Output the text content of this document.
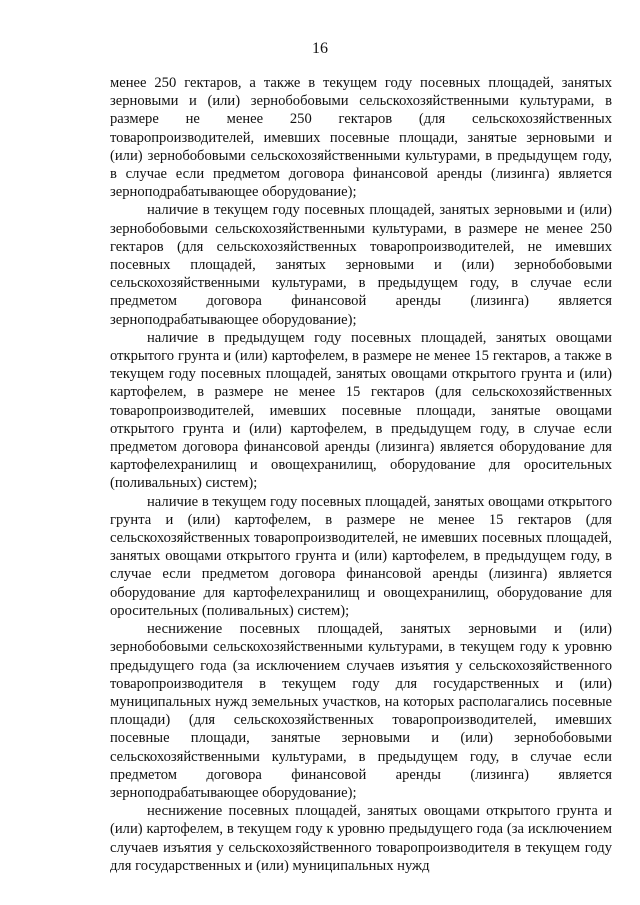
16

менее 250 гектаров, а также в текущем году посевных площадей, занятых зерновыми и (или) зернобобовыми сельскохозяйственными культурами, в размере не менее 250 гектаров (для сельскохозяйственных товаропроизводителей, имевших посевные площади, занятые зерновыми и (или) зернобобовыми сельскохозяйственными культурами, в предыдущем году, в случае если предметом договора финансовой аренды (лизинга) является зерноподрабатывающее оборудование);

наличие в текущем году посевных площадей, занятых зерновыми и (или) зернобобовыми сельскохозяйственными культурами, в размере не менее 250 гектаров (для сельскохозяйственных товаропроизводителей, не имевших посевных площадей, занятых зерновыми и (или) зернобобовыми сельскохозяйственными культурами, в предыдущем году, в случае если предметом договора финансовой аренды (лизинга) является зерноподрабатывающее оборудование);

наличие в предыдущем году посевных площадей, занятых овощами открытого грунта и (или) картофелем, в размере не менее 15 гектаров, а также в текущем году посевных площадей, занятых овощами открытого грунта и (или) картофелем, в размере не менее 15 гектаров (для сельскохозяйственных товаропроизводителей, имевших посевные площади, занятые овощами открытого грунта и (или) картофелем, в предыдущем году, в случае если предметом договора финансовой аренды (лизинга) является оборудование для картофелехранилищ и овощехранилищ, оборудование для оросительных (поливальных) систем);

наличие в текущем году посевных площадей, занятых овощами открытого грунта и (или) картофелем, в размере не менее 15 гектаров (для сельскохозяйственных товаропроизводителей, не имевших посевных площадей, занятых овощами открытого грунта и (или) картофелем, в предыдущем году, в случае если предметом договора финансовой аренды (лизинга) является оборудование для картофелехранилищ и овощехранилищ, оборудование для оросительных (поливальных) систем);

неснижение посевных площадей, занятых зерновыми и (или) зернобобовыми сельскохозяйственными культурами, в текущем году к уровню предыдущего года (за исключением случаев изъятия у сельскохозяйственного товаропроизводителя в текущем году для государственных и (или) муниципальных нужд земельных участков, на которых располагались посевные площади) (для сельскохозяйственных товаропроизводителей, имевших посевные площади, занятые зерновыми и (или) зернобобовыми сельскохозяйственными культурами, в предыдущем году, в случае если предметом договора финансовой аренды (лизинга) является зерноподрабатывающее оборудование);

неснижение посевных площадей, занятых овощами открытого грунта и (или) картофелем, в текущем году к уровню предыдущего года (за исключением случаев изъятия у сельскохозяйственного товаропроизводителя в текущем году для государственных и (или) муниципальных нужд
